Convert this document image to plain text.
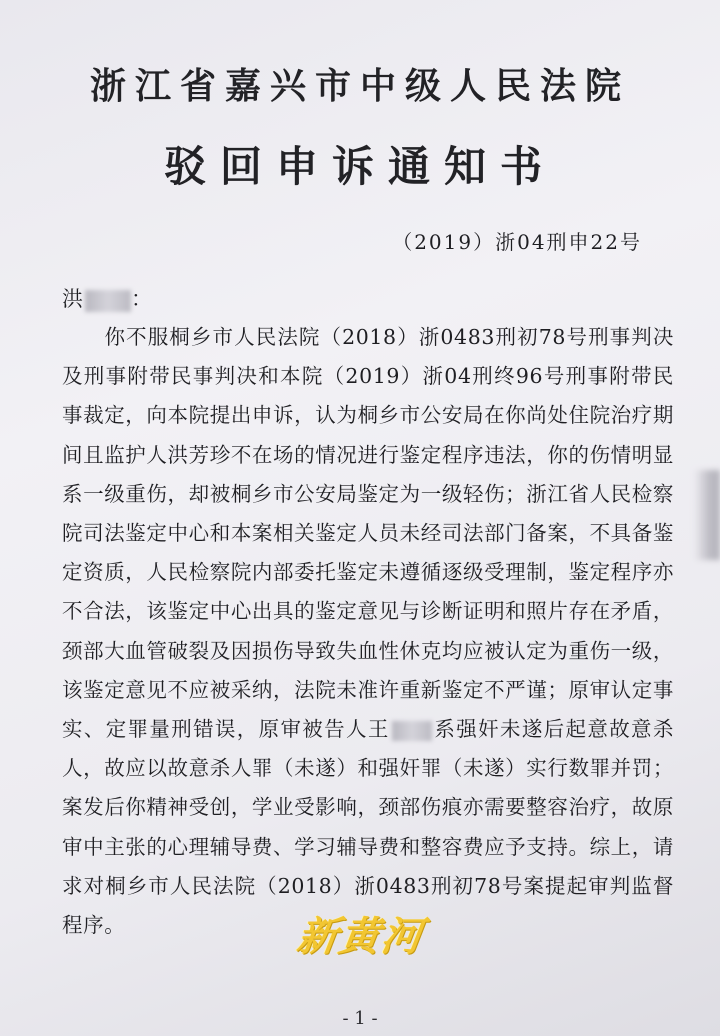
浙江省嘉兴市中级人民法院
驳回申诉通知书
（2019）浙04刑申22号
洪 ：
你不服桐乡市人民法院（2018）浙0483刑初78号刑事判决及刑事附带民事判决和本院（2019）浙04刑终96号刑事附带民事裁定，向本院提出申诉，认为桐乡市公安局在你尚处住院治疗期间且监护人洪芳珍不在场的情况进行鉴定程序违法，你的伤情明显系一级重伤，却被桐乡市公安局鉴定为一级轻伤；浙江省人民检察院司法鉴定中心和本案相关鉴定人员未经司法部门备案，不具备鉴定资质，人民检察院内部委托鉴定未遵循逐级受理制，鉴定程序亦不合法，该鉴定中心出具的鉴定意见与诊断证明和照片存在矛盾，颈部大血管破裂及因损伤导致失血性休克均应被认定为重伤一级，该鉴定意见不应被采纳，法院未准许重新鉴定不严谨；原审认定事实、定罪量刑错误，原审被告人王 系强奸未遂后起意故意杀人，故应以故意杀人罪（未遂）和强奸罪（未遂）实行数罪并罚；案发后你精神受创，学业受影响，颈部伤痕亦需要整容治疗，故原审中主张的心理辅导费、学习辅导费和整容费应予支持。综上，请求对桐乡市人民法院（2018）浙0483刑初78号案提起审判监督程序。	新黄河
- 1 -
